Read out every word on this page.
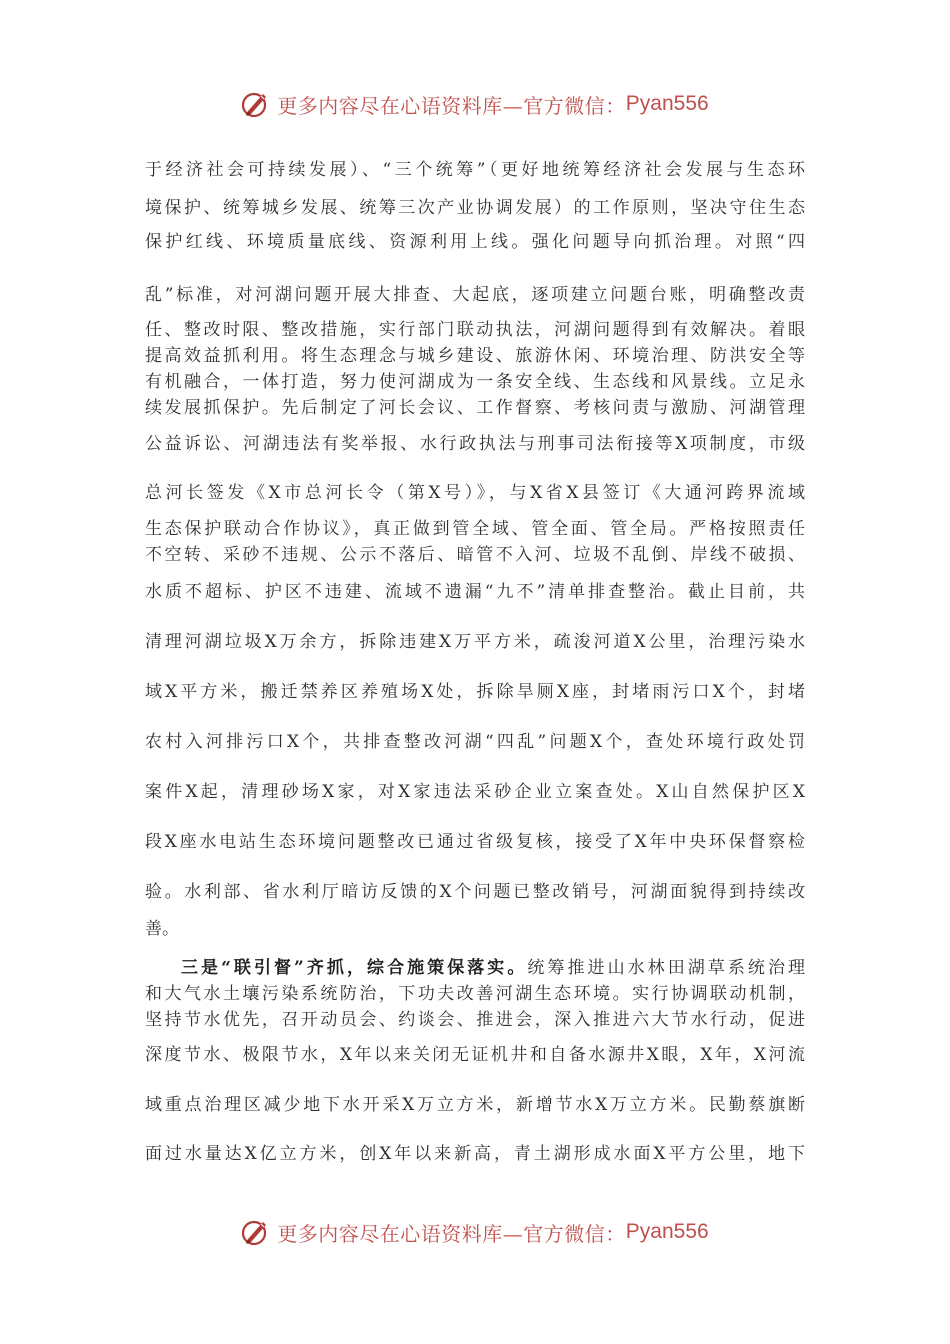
更多内容尽在心语资料库—官方微信： Pyan556
于经济社会可持续发展）、“三个统筹”（更好地统筹经济社会发展与生态环
境保护、统筹城乡发展、统筹三次产业协调发展）的工作原则，坚决守住生态
保护红线、环境质量底线、资源利用上线。强化问题导向抓治理。对照“四
乱”标准，对河湖问题开展大排查、大起底，逐项建立问题台账，明确整改责
任、整改时限、整改措施，实行部门联动执法，河湖问题得到有效解决。着眼
提高效益抓利用。将生态理念与城乡建设、旅游休闲、环境治理、防洪安全等
有机融合，一体打造，努力使河湖成为一条安全线、生态线和风景线。立足永
续发展抓保护。先后制定了河长会议、工作督察、考核问责与激励、河湖管理
公益诉讼、河湖违法有奖举报、水行政执法与刑事司法衔接等X项制度，市级
总河长签发《X市总河长令（第X号）》，与X省X县签订《大通河跨界流域
生态保护联动合作协议》，真正做到管全域、管全面、管全局。严格按照责任
不空转、采砂不违规、公示不落后、暗管不入河、垃圾不乱倒、岸线不破损、
水质不超标、护区不违建、流域不遗漏“九不”清单排查整治。截止目前，共
清理河湖垃圾X万余方，拆除违建X万平方米，疏浚河道X公里，治理污染水
域X平方米，搬迁禁养区养殖场X处，拆除旱厕X座，封堵雨污口X个，封堵
农村入河排污口X个，共排查整改河湖“四乱”问题X个，查处环境行政处罚
案件X起，清理砂场X家，对X家违法采砂企业立案查处。X山自然保护区X
段X座水电站生态环境问题整改已通过省级复核，接受了X年中央环保督察检
验。水利部、省水利厅暗访反馈的X个问题已整改销号，河湖面貌得到持续改
善。
三是“联引督”齐抓，综合施策保落实。统筹推进山水林田湖草系统治理
和大气水土壤污染系统防治，下功夫改善河湖生态环境。实行协调联动机制，
坚持节水优先，召开动员会、约谈会、推进会，深入推进六大节水行动，促进
深度节水、极限节水，X年以来关闭无证机井和自备水源井X眼，X年，X河流
域重点治理区减少地下水开采X万立方米，新增节水X万立方米。民勤蔡旗断
面过水量达X亿立方米，创X年以来新高，青土湖形成水面X平方公里，地下
更多内容尽在心语资料库—官方微信： Pyan556
